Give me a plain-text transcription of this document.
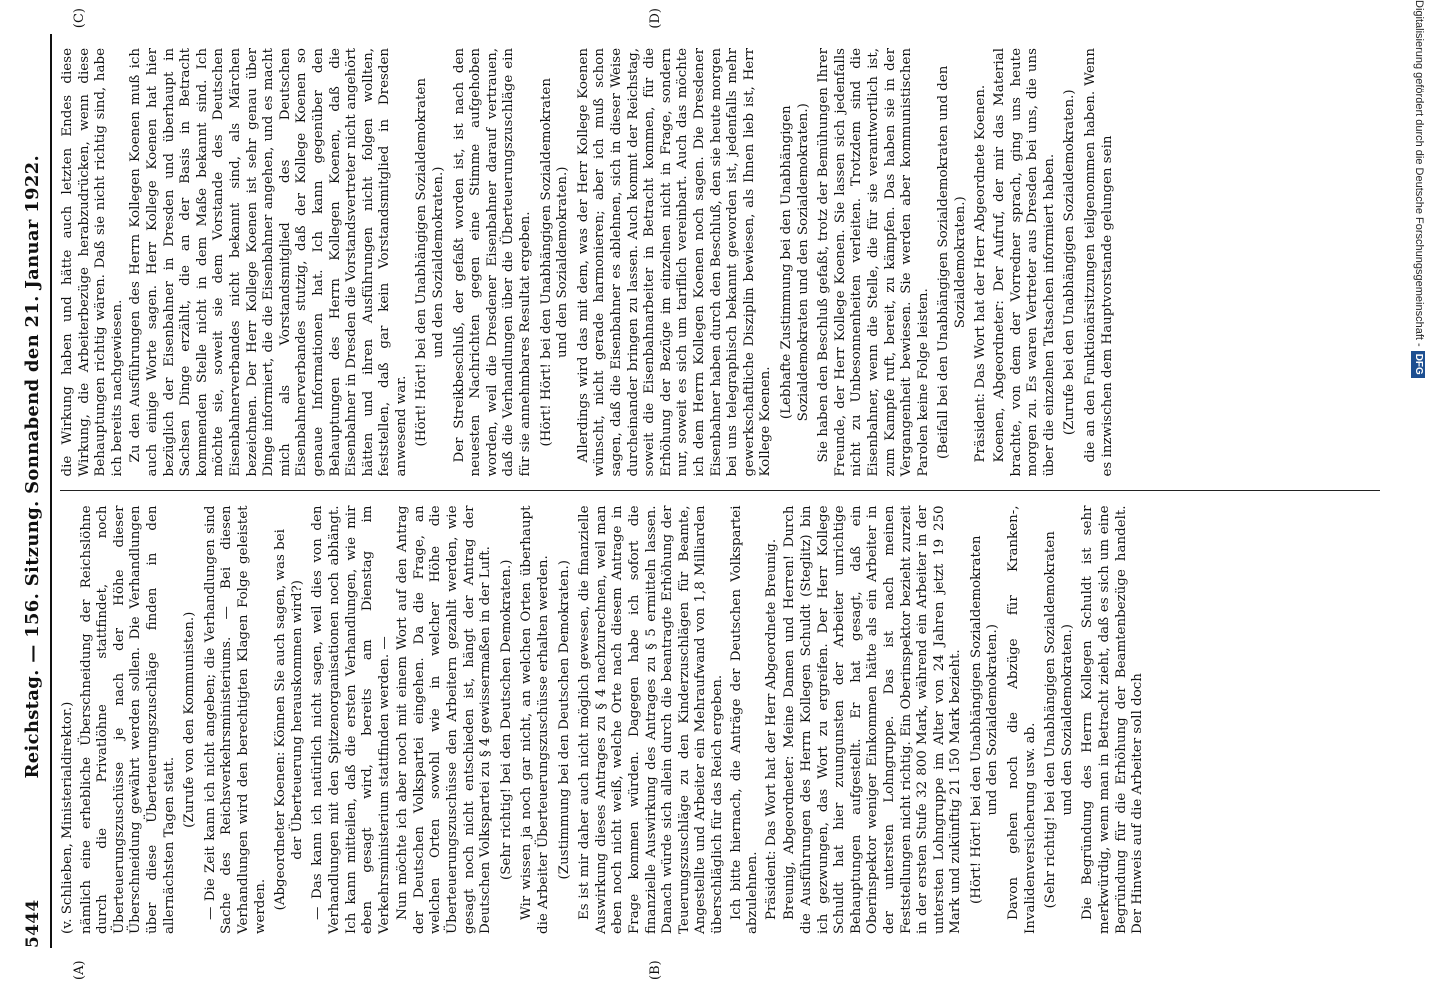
5444
Reichstag. — 156. Sitzung. Sonnabend den 21. Januar 1922.
(A)	(B)
(C)	(D)

(v. Schlieben, Ministerialdirektor.) nämlich eine erhebliche Überschneidung der Reichslöhne durch die Privatlöhne stattfindet, noch Überteuerungszuschüsse je nach der Höhe dieser Überschneidung gewährt werden sollen. Die Verhandlungen über diese Überteuerungszuschläge finden in den allernächsten Tagen statt.

(Zurufe von den Kommunisten.) — Die Zeit kann ich nicht angeben; die Verhandlungen sind Sache des Reichsverkehrsministeriums. — Bei diesen Verhandlungen wird den berechtigten Klagen Folge geleistet werden. (Abgeordneter Koenen: Können Sie auch sagen, was bei der Überteuerung herauskommen wird?) — Das kann ich natürlich nicht sagen, weil dies von den Verhandlungen mit den Spitzenorganisationen noch abhängt. Ich kann mitteilen, daß die ersten Verhandlungen, wie mir eben gesagt wird, bereits am Dienstag im Verkehrsministerium stattfinden werden. — Nun möchte ich aber noch mit einem Wort auf den Antrag der Deutschen Volkspartei eingehen. Da die Frage, an welchen Orten sowohl wie in welcher Höhe die Überteuerungszuschüsse den Arbeitern gezahlt werden, wie gesagt noch nicht entschieden ist, hängt der Antrag der Deutschen Volkspartei zu § 4 gewissermaßen in der Luft. (Sehr richtig! bei den Deutschen Demokraten.) Wir wissen ja noch gar nicht, an welchen Orten überhaupt die Arbeiter Überteuerungszuschüsse erhalten werden. (Zustimmung bei den Deutschen Demokraten.) Es ist mir daher auch nicht möglich gewesen, die finanzielle Auswirkung dieses Antrages zu § 4 nachzurechnen, weil man eben noch nicht weiß, welche Orte nach diesem Antrage in Frage kommen würden. Dagegen habe ich sofort die finanzielle Auswirkung des Antrages zu § 5 ermitteln lassen. Danach würde sich allein durch die beantragte Erhöhung der Teuerungszuschläge zu den Kinderzuschlägen für Beamte, Angestellte und Arbeiter ein Mehraufwand von 1,8 Milliarden überschläglich für das Reich ergeben. Ich bitte hiernach, die Anträge der Deutschen Volkspartei abzulehnen. Präsident: Das Wort hat der Herr Abgeordnete Breunig. Breunig, Abgeordneter: Meine Damen und Herren! Durch die Ausführungen des Herrn Kollegen Schuldt (Steglitz) bin ich gezwungen, das Wort zu ergreifen. Der Herr Kollege Schuldt hat hier zuungunsten der Arbeiter unrichtige Behauptungen aufgestellt. Er hat gesagt, daß ein Oberinspektor weniger Einkommen hätte als ein Arbeiter in der untersten Lohngruppe. Das ist nach meinen Feststellungen nicht richtig. Ein Oberinspektor bezieht zurzeit in der ersten Stufe 32 800 Mark, während ein Arbeiter in der untersten Lohngruppe im Alter von 24 Jahren jetzt 19 250 Mark und zukünftig 21 150 Mark bezieht. (Hört! Hört! bei den Unabhängigen Sozialdemokraten und den Sozialdemokraten.) Davon gehen noch die Abzüge für Kranken-, Invalidenversicherung usw. ab. (Sehr richtig! bei den Unabhängigen Sozialdemokraten und den Sozialdemokraten.) Die Begründung des Herrn Kollegen Schuldt ist sehr merkwürdig, wenn man in Betracht zieht, daß es sich um eine Begründung für die Erhöhung der Beamtenbezüge handelt. Der Hinweis auf die Arbeiter soll doch

die Wirkung haben und hätte auch letzten Endes diese Wirkung, die Arbeiterbezüge herabzudrücken, wenn diese Behauptungen richtig wären. Daß sie nicht richtig sind, habe ich bereits nachgewiesen. Zu den Ausführungen des Herrn Kollegen Koenen muß ich auch einige Worte sagen. Herr Kollege Koenen hat hier bezüglich der Eisenbahner in Dresden und überhaupt in Sachsen Dinge erzählt, die an der Basis in Betracht kommenden Stelle nicht in dem Maße bekannt sind. Ich möchte sie, soweit sie dem Vorstande des Deutschen Eisenbahnerverbandes nicht bekannt sind, als Märchen bezeichnen. Der Herr Kollege Koenen ist sehr genau über Dinge informiert, die die Eisenbahner angehen, und es macht mich als Vorstandsmitglied des Deutschen Eisenbahnerverbandes stutzig, daß der Kollege Koenen so genaue Informationen hat. Ich kann gegenüber den Behauptungen des Herrn Kollegen Koenen, daß die Eisenbahner in Dresden die Vorstandsvertreter nicht angehört hätten und ihren Ausführungen nicht folgen wollten, feststellen, daß gar kein Vorstandsmitglied in Dresden anwesend war. (Hört! Hört! bei den Unabhängigen Sozialdemokraten und den Sozialdemokraten.) Der Streikbeschluß, der gefaßt worden ist, ist nach den neuesten Nachrichten gegen eine Stimme aufgehoben worden, weil die Dresdener Eisenbahner darauf vertrauen, daß die Verhandlungen über die Überteuerungszuschläge ein für sie annehmbares Resultat ergeben. (Hört! Hört! bei den Unabhängigen Sozialdemokraten und den Sozialdemokraten.) Allerdings wird das mit dem, was der Herr Kollege Koenen wünscht, nicht gerade harmonieren; aber ich muß schon sagen, daß die Eisenbahner es ablehnen, sich in dieser Weise durcheinander bringen zu lassen. Auch kommt der Reichstag, soweit die Eisenbahnarbeiter in Betracht kommen, für die Erhöhung der Bezüge im einzelnen nicht in Frage, sondern nur, soweit es sich um tariflich vereinbart. Auch das möchte ich dem Herrn Kollegen Koenen noch sagen. Die Dresdener Eisenbahner haben durch den Beschluß, den sie heute morgen bei uns telegraphisch bekannt geworden ist, jedenfalls mehr gewerkschaftliche Disziplin bewiesen, als Ihnen lieb ist, Herr Kollege Koenen.

(Lebhafte Zustimmung bei den Unabhängigen Sozialdemokraten und den Sozialdemokraten.) Sie haben den Beschluß gefaßt, trotz der Bemühungen Ihrer Freunde, der Herr Kollege Koenen. Sie lassen sich jedenfalls nicht zu Unbesonnenheiten verleiten. Trotzdem sind die Eisenbahner, wenn die Stelle, die für sie verantwortlich ist, zum Kampfe ruft, bereit, zu kämpfen. Das haben sie in der Vergangenheit bewiesen. Sie werden aber kommunistischen Parolen keine Folge leisten. (Beifall bei den Unabhängigen Sozialdemokraten und den Sozialdemokraten.) Präsident: Das Wort hat der Herr Abgeordnete Koenen. Koenen, Abgeordneter: Der Aufruf, der mir das Material brachte, von dem der Vorredner sprach, ging uns heute morgen zu. Es waren Vertreter aus Dresden bei uns, die uns über die einzelnen Tatsachen informiert haben. (Zurufe bei den Unabhängigen Sozialdemokraten.) die an den Funktionärsitzungen teilgenommen haben. Wenn es inzwischen dem Hauptvorstande gelungen sein	Digitalisierung gefördert durch die Deutsche Forschungsgemeinschaft -DFG
